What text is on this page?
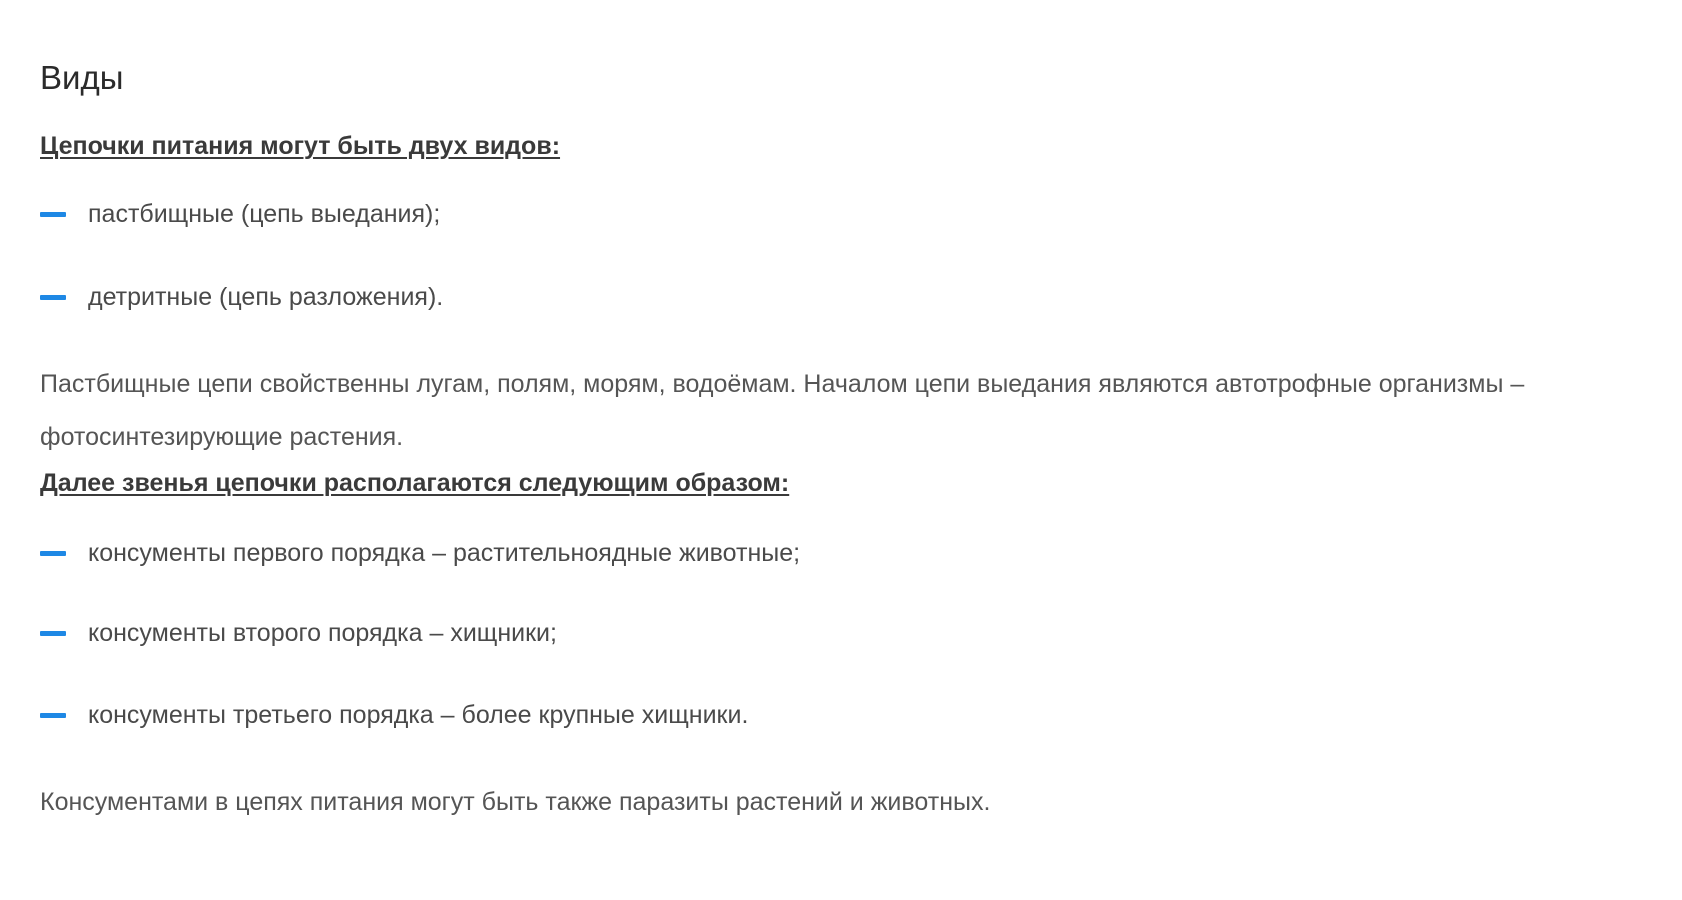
Виды

Цепочки питания могут быть двух видов:

пастбищные (цепь выедания);
детритные (цепь разложения).

Пастбищные цепи свойственны лугам, полям, морям, водоёмам. Началом цепи выедания являются автотрофные организмы – фотосинтезирующие растения.

Далее звенья цепочки располагаются следующим образом:

консументы первого порядка – растительноядные животные;
консументы второго порядка – хищники;
консументы третьего порядка – более крупные хищники.

Консументами в цепях питания могут быть также паразиты растений и животных.
